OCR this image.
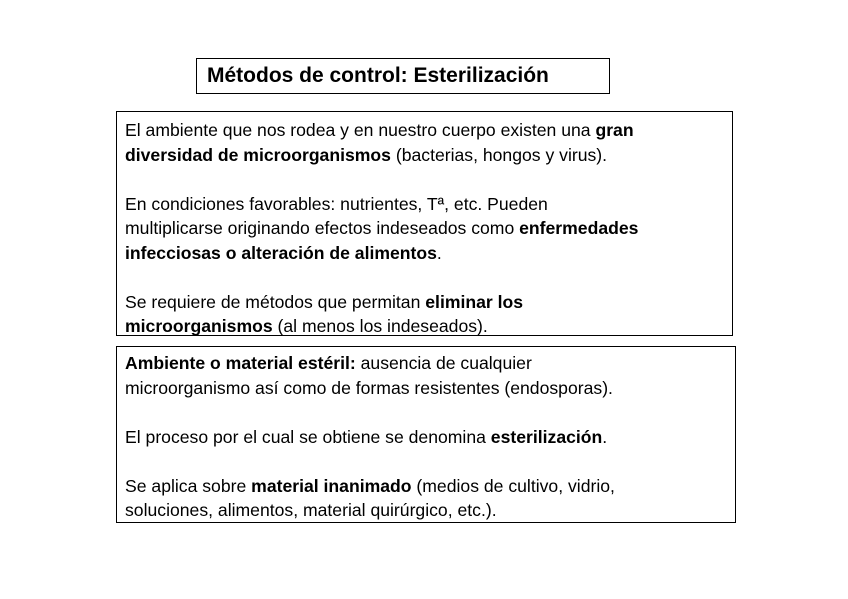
Métodos de control: Esterilización

El ambiente que nos rodea y en nuestro cuerpo existen una gran
diversidad de microorganismos (bacterias, hongos y virus).

En condiciones favorables: nutrientes, Tª, etc. Pueden
multiplicarse originando efectos indeseados como enfermedades
infecciosas o alteración de alimentos.

Se requiere de métodos que permitan eliminar los
microorganismos (al menos los indeseados).

Ambiente o material estéril: ausencia de cualquier
microorganismo así como de formas resistentes (endosporas).

El proceso por el cual se obtiene se denomina esterilización.

Se aplica sobre material inanimado (medios de cultivo, vidrio,
soluciones, alimentos, material quirúrgico, etc.).
